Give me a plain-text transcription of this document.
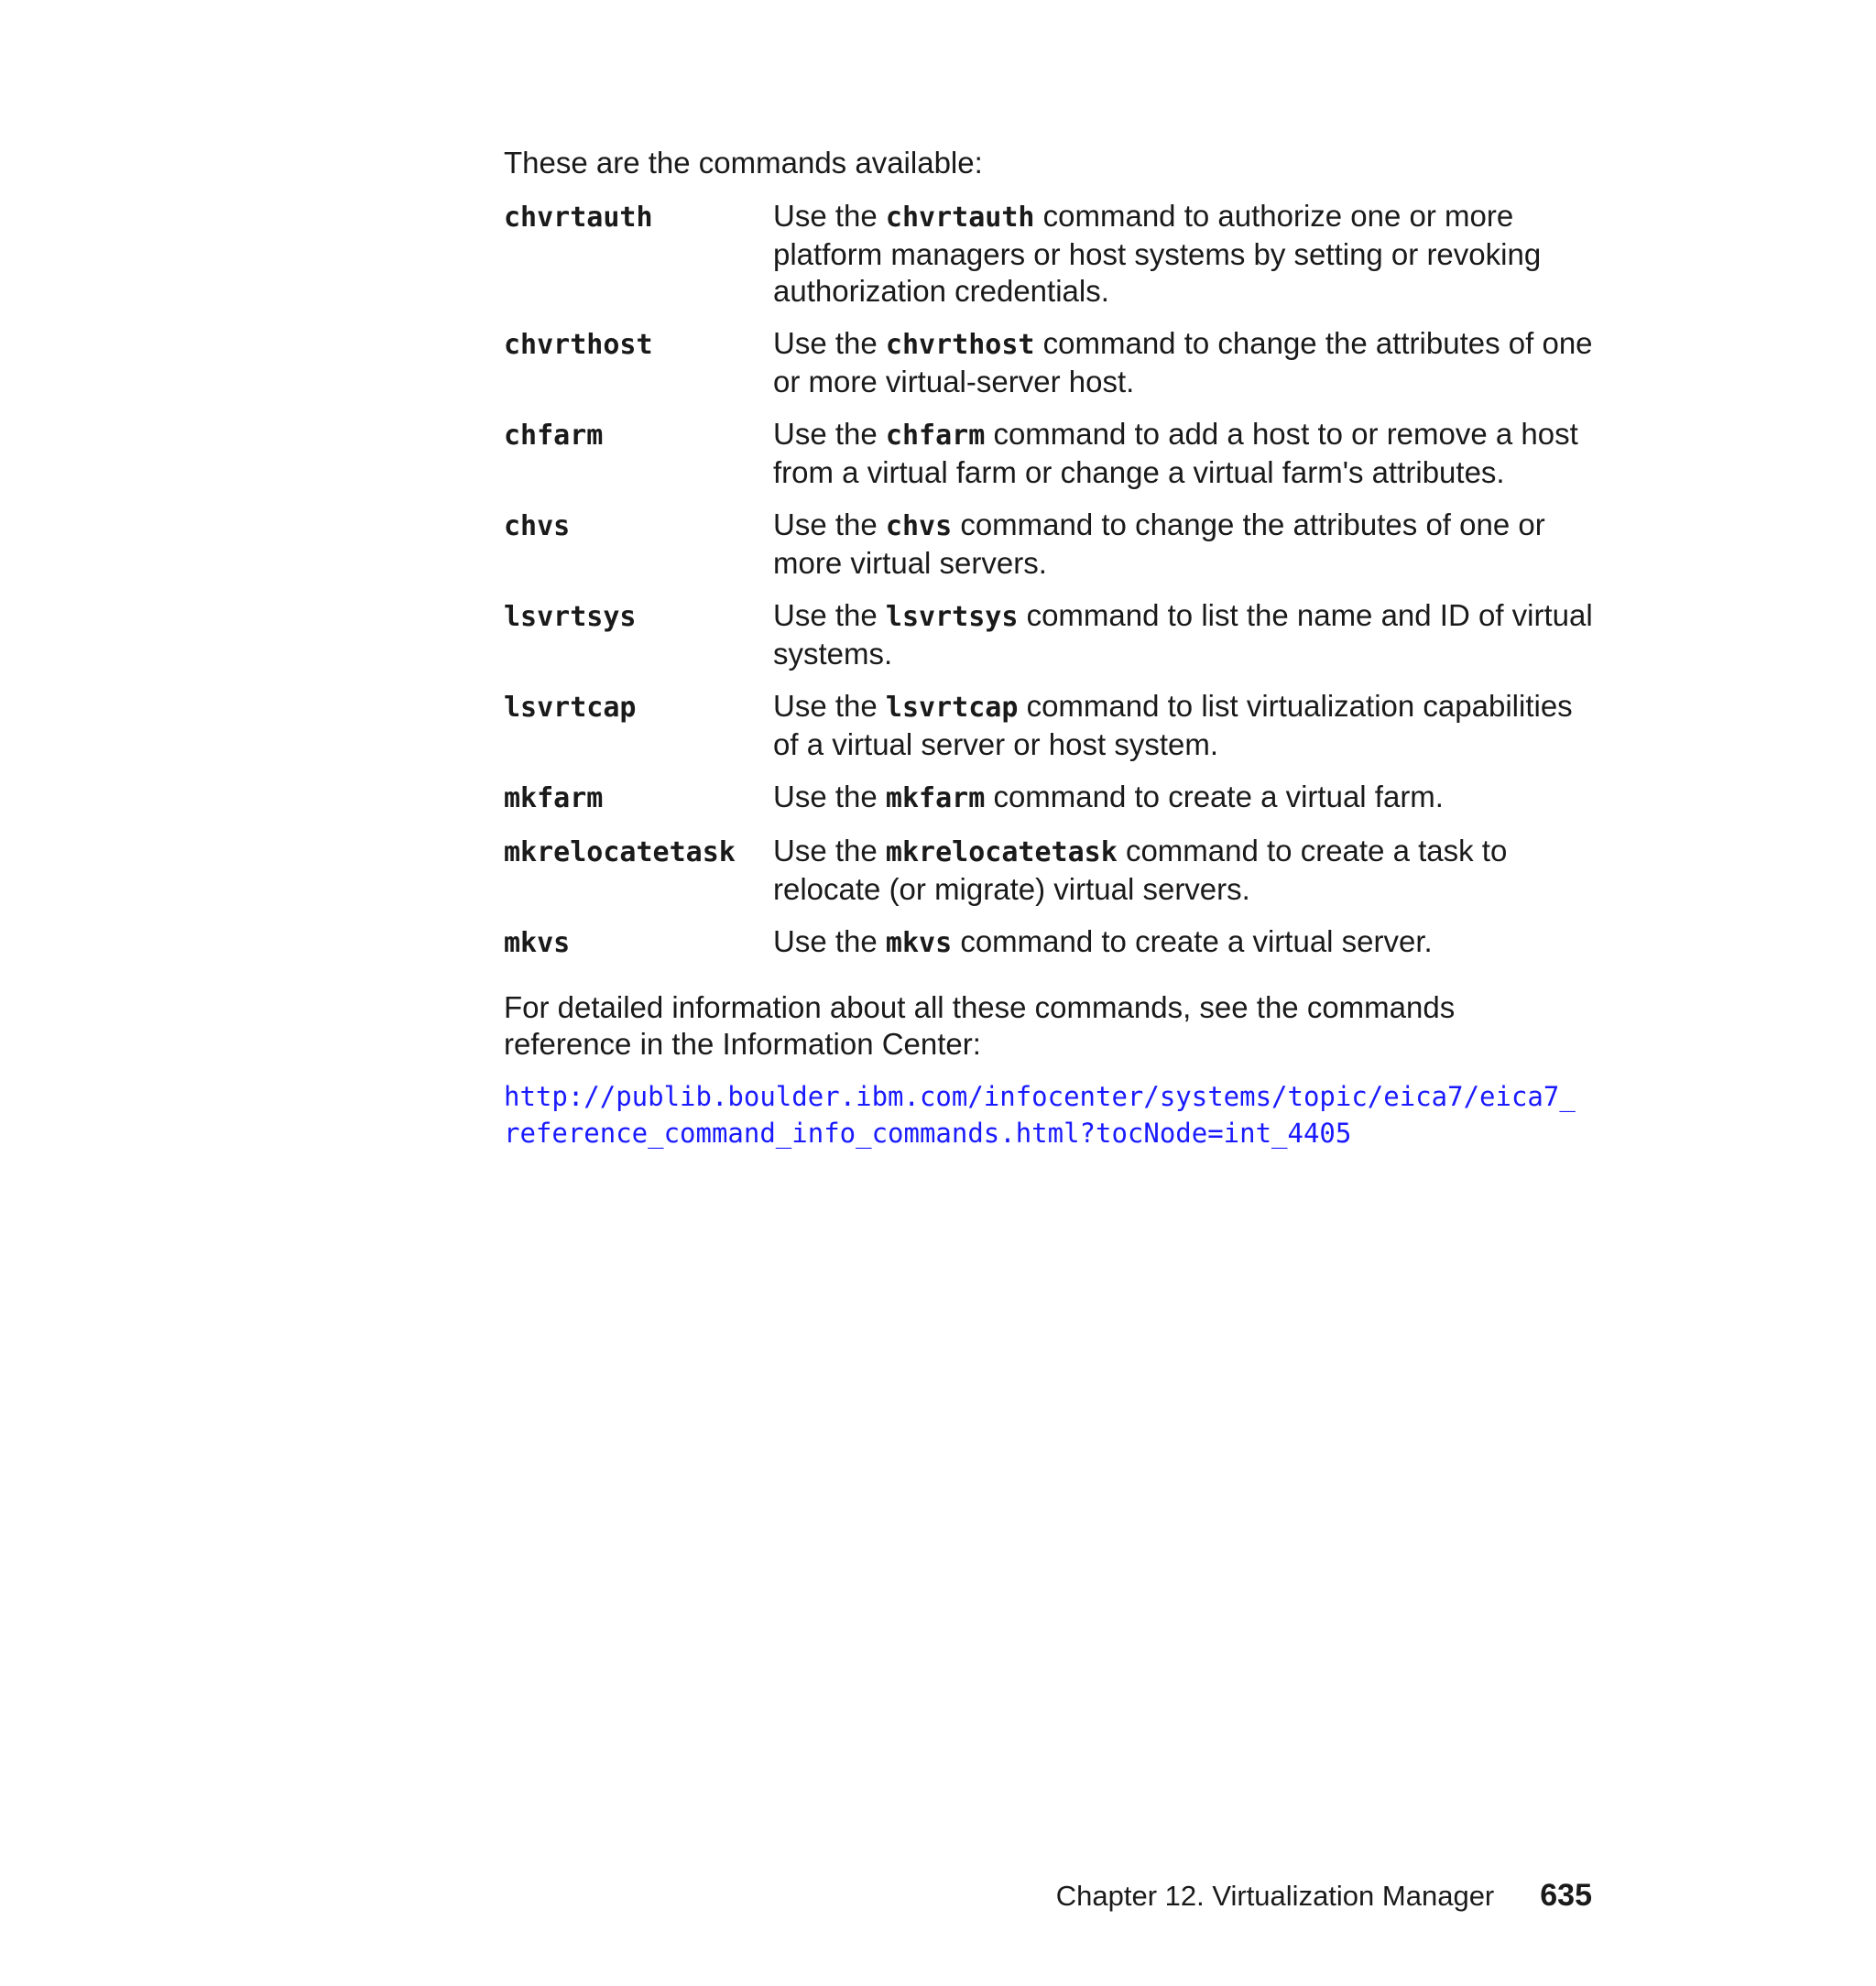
These are the commands available:

chvrtauth	Use the chvrtauth command to authorize one or more platform managers or host systems by setting or revoking authorization credentials.
chvrthost	Use the chvrthost command to change the attributes of one or more virtual-server host.
chfarm	Use the chfarm command to add a host to or remove a host from a virtual farm or change a virtual farm's attributes.
chvs	Use the chvs command to change the attributes of one or more virtual servers.
lsvrtsys	Use the lsvrtsys command to list the name and ID of virtual systems.
lsvrtcap	Use the lsvrtcap command to list virtualization capabilities of a virtual server or host system.
mkfarm	Use the mkfarm command to create a virtual farm.
mkrelocatetask	Use the mkrelocatetask command to create a task to relocate (or migrate) virtual servers.
mkvs	Use the mkvs command to create a virtual server.

For detailed information about all these commands, see the commands reference in the Information Center:

http://publib.boulder.ibm.com/infocenter/systems/topic/eica7/eica7_
reference_command_info_commands.html?tocNode=int_4405
Chapter 12. Virtualization Manager 635
